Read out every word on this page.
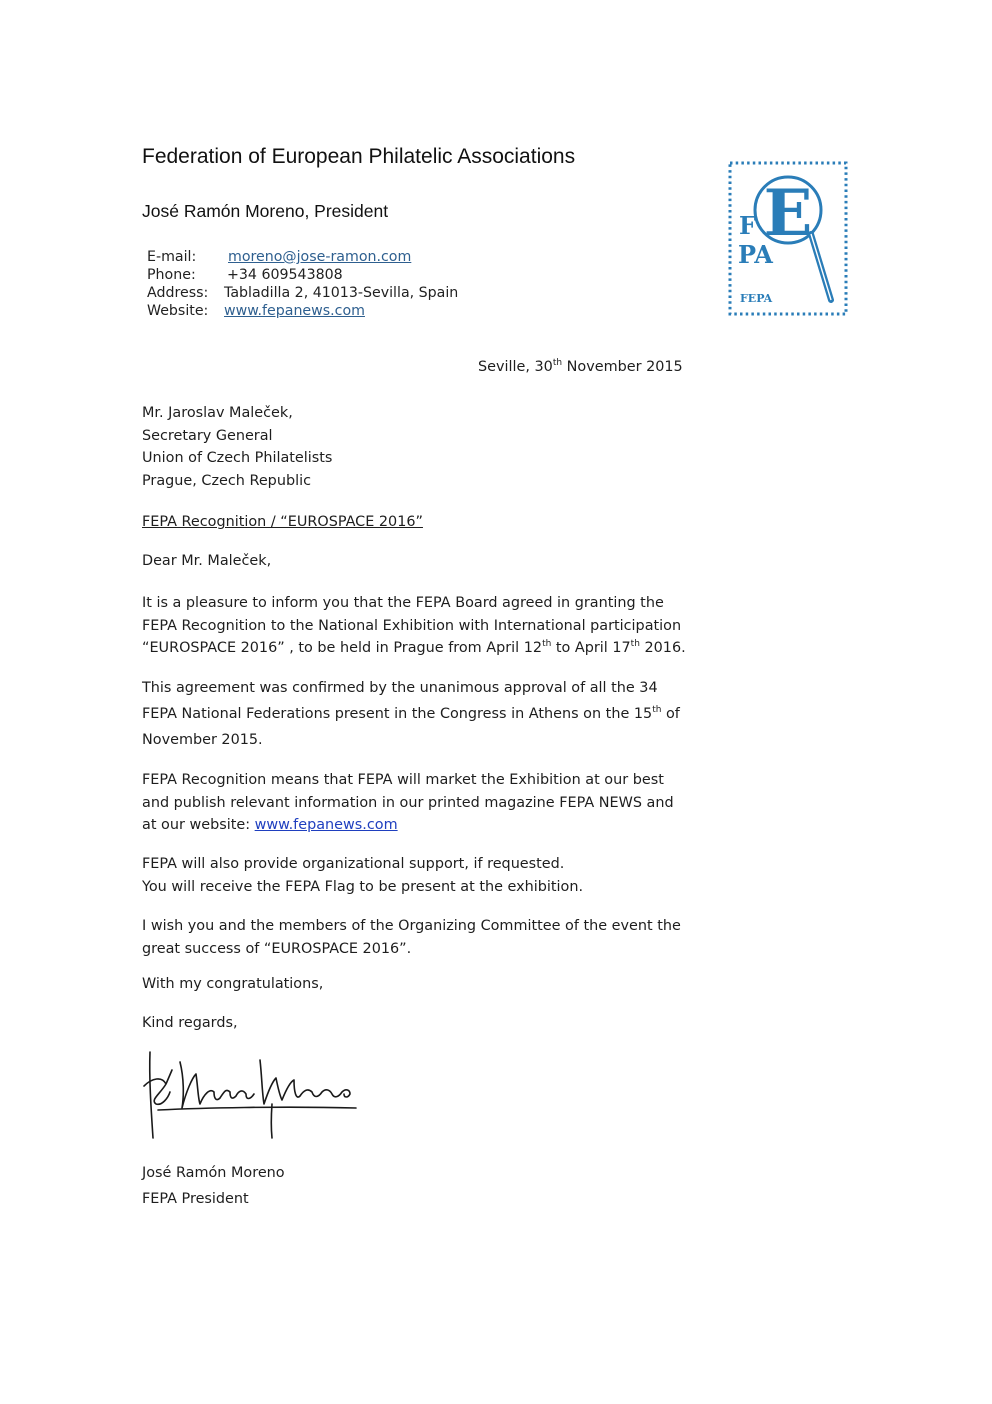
Federation of European Philatelic Associations
José Ramón Moreno, President
E-mail: moreno@jose-ramon.com
Phone: +34 609543808
Address: Tabladilla 2, 41013-Sevilla, Spain
Website: www.fepanews.com
E
F
PA
FEPA
Seville, 30th November 2015
Mr. Jaroslav Maleček,
Secretary General
Union of Czech Philatelists
Prague, Czech Republic
FEPA Recognition / “EUROSPACE 2016”
Dear Mr. Maleček,
It is a pleasure to inform you that the FEPA Board agreed in granting the
FEPA Recognition to the National Exhibition with International participation
“EUROSPACE 2016” , to be held in Prague from April 12th to April 17th 2016.
This agreement was confirmed by the unanimous approval of all the 34
FEPA National Federations present in the Congress in Athens on the 15th of
November 2015.
FEPA Recognition means that FEPA will market the Exhibition at our best
and publish relevant information in our printed magazine FEPA NEWS and
at our website: www.fepanews.com
FEPA will also provide organizational support, if requested.
You will receive the FEPA Flag to be present at the exhibition.
I wish you and the members of the Organizing Committee of the event the
great success of “EUROSPACE 2016”.
With my congratulations,
Kind regards,
José Ramón Moreno
FEPA President
